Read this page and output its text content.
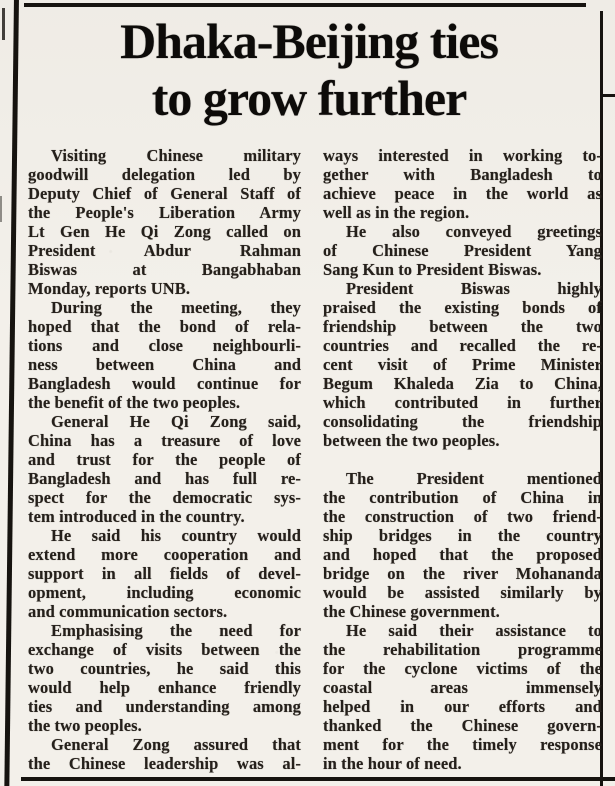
Dhaka-Beijing ties
to grow further
Visiting Chinese military
goodwill delegation led by
Deputy Chief of General Staff of
the People's Liberation Army
Lt Gen He Qi Zong called on
President Abdur Rahman
Biswas at Bangabhaban
Monday, reports UNB.
During the meeting, they
hoped that the bond of rela-
tions and close neighbourli-
ness between China and
Bangladesh would continue for
the benefit of the two peoples.
General He Qi Zong said,
China has a treasure of love
and trust for the people of
Bangladesh and has full re-
spect for the democratic sys-
tem introduced in the country.
He said his country would
extend more cooperation and
support in all fields of devel-
opment, including economic
and communication sectors.
Emphasising the need for
exchange of visits between the
two countries, he said this
would help enhance friendly
ties and understanding among
the two peoples.
General Zong assured that
the Chinese leadership was al-
ways interested in working to-
gether with Bangladesh to
achieve peace in the world as
well as in the region.
He also conveyed greetings
of Chinese President Yang
Sang Kun to President Biswas.
President Biswas highly
praised the existing bonds of
friendship between the two
countries and recalled the re-
cent visit of Prime Minister
Begum Khaleda Zia to China,
which contributed in further
consolidating the friendship
between the two peoples.
The President mentioned
the contribution of China in
the construction of two friend-
ship bridges in the country
and hoped that the proposed
bridge on the river Mohananda
would be assisted similarly by
the Chinese government.
He said their assistance to
the rehabilitation programme
for the cyclone victims of the
coastal areas immensely
helped in our efforts and
thanked the Chinese govern-
ment for the timely response
in the hour of need.
